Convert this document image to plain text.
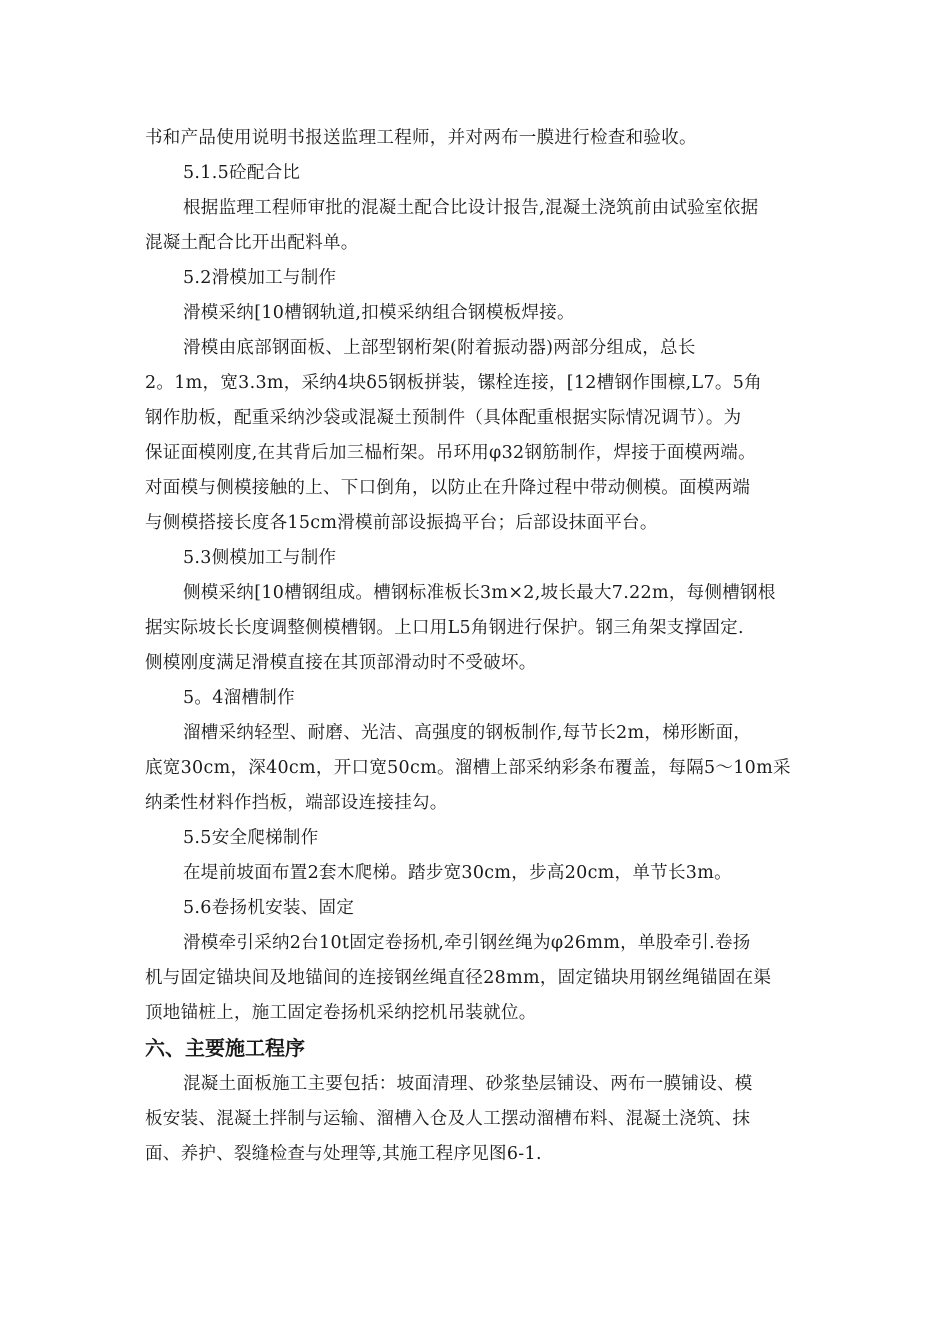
书和产品使用说明书报送监理工程师，并对两布一膜进行检查和验收。
5.1.5砼配合比
根据监理工程师审批的混凝土配合比设计报告,混凝土浇筑前由试验室依据
混凝土配合比开出配料单。
5.2滑模加工与制作
滑模采纳[10槽钢轨道,扣模采纳组合钢模板焊接。
滑模由底部钢面板、上部型钢桁架(附着振动器)两部分组成，总长
2。1m，宽3.3m，采纳4块δ5钢板拼装，镙栓连接，[12槽钢作围檩,L7。5角
钢作肋板，配重采纳沙袋或混凝土预制件（具体配重根据实际情况调节）。为
保证面模刚度,在其背后加三榀桁架。吊环用φ32钢筋制作，焊接于面模两端。
对面模与侧模接触的上、下口倒角，以防止在升降过程中带动侧模。面模两端
与侧模搭接长度各15cm滑模前部设振捣平台；后部设抹面平台。
5.3侧模加工与制作
侧模采纳[10槽钢组成。槽钢标准板长3m×2,坡长最大7.22m，每侧槽钢根
据实际坡长长度调整侧模槽钢。上口用L5角钢进行保护。钢三角架支撑固定.
侧模刚度满足滑模直接在其顶部滑动时不受破坏。
5。4溜槽制作
溜槽采纳轻型、耐磨、光洁、高强度的钢板制作,每节长2m，梯形断面，
底宽30cm，深40cm，开口宽50cm。溜槽上部采纳彩条布覆盖，每隔5～10m采
纳柔性材料作挡板，端部设连接挂勾。
5.5安全爬梯制作
在堤前坡面布置2套木爬梯。踏步宽30cm，步高20cm，单节长3m。
5.6卷扬机安装、固定
滑模牵引采纳2台10t固定卷扬机,牵引钢丝绳为φ26mm，单股牵引.卷扬
机与固定锚块间及地锚间的连接钢丝绳直径28mm，固定锚块用钢丝绳锚固在渠
顶地锚桩上，施工固定卷扬机采纳挖机吊装就位。
六、主要施工程序
混凝土面板施工主要包括：坡面清理、砂浆垫层铺设、两布一膜铺设、模
板安装、混凝土拌制与运输、溜槽入仓及人工摆动溜槽布料、混凝土浇筑、抹
面、养护、裂缝检查与处理等,其施工程序见图6-1.
